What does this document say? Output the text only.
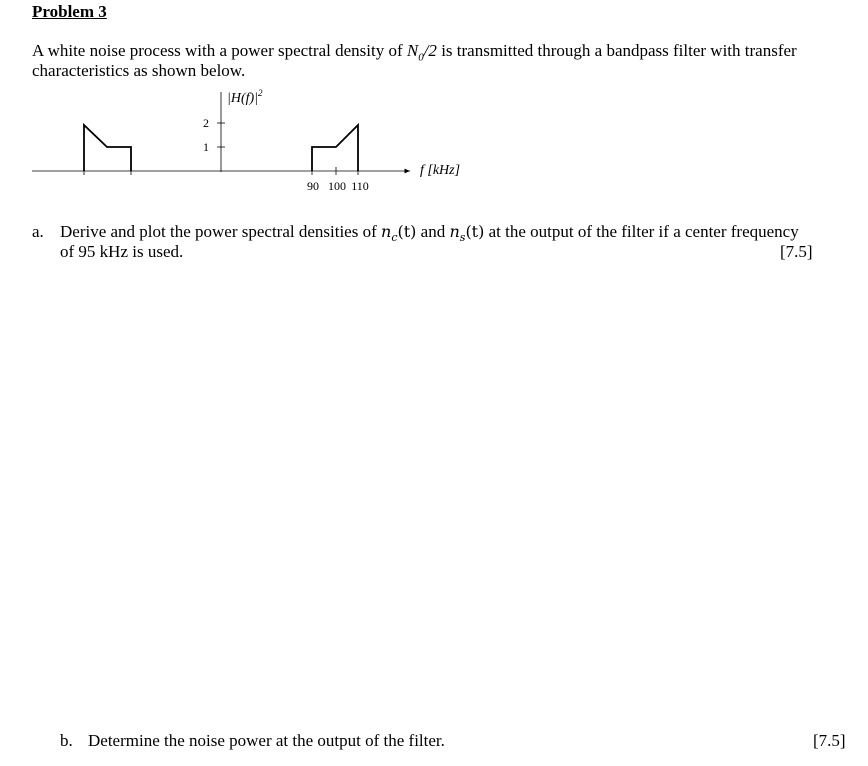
Problem 3
A white noise process with a power spectral density of $N_0/2$ is transmitted through a bandpass filter with transfer
characteristics as shown below.
2
1
$|H(f)|^2$
90 100 110
f [kHz]
a. Derive and plot the power spectral densities of $n_c(t)$ and $n_s(t)$ at the output of the filter if a center frequency
of 95 kHz is used.	[7.5]
b. Determine the noise power at the output of the filter.	[7.5]
